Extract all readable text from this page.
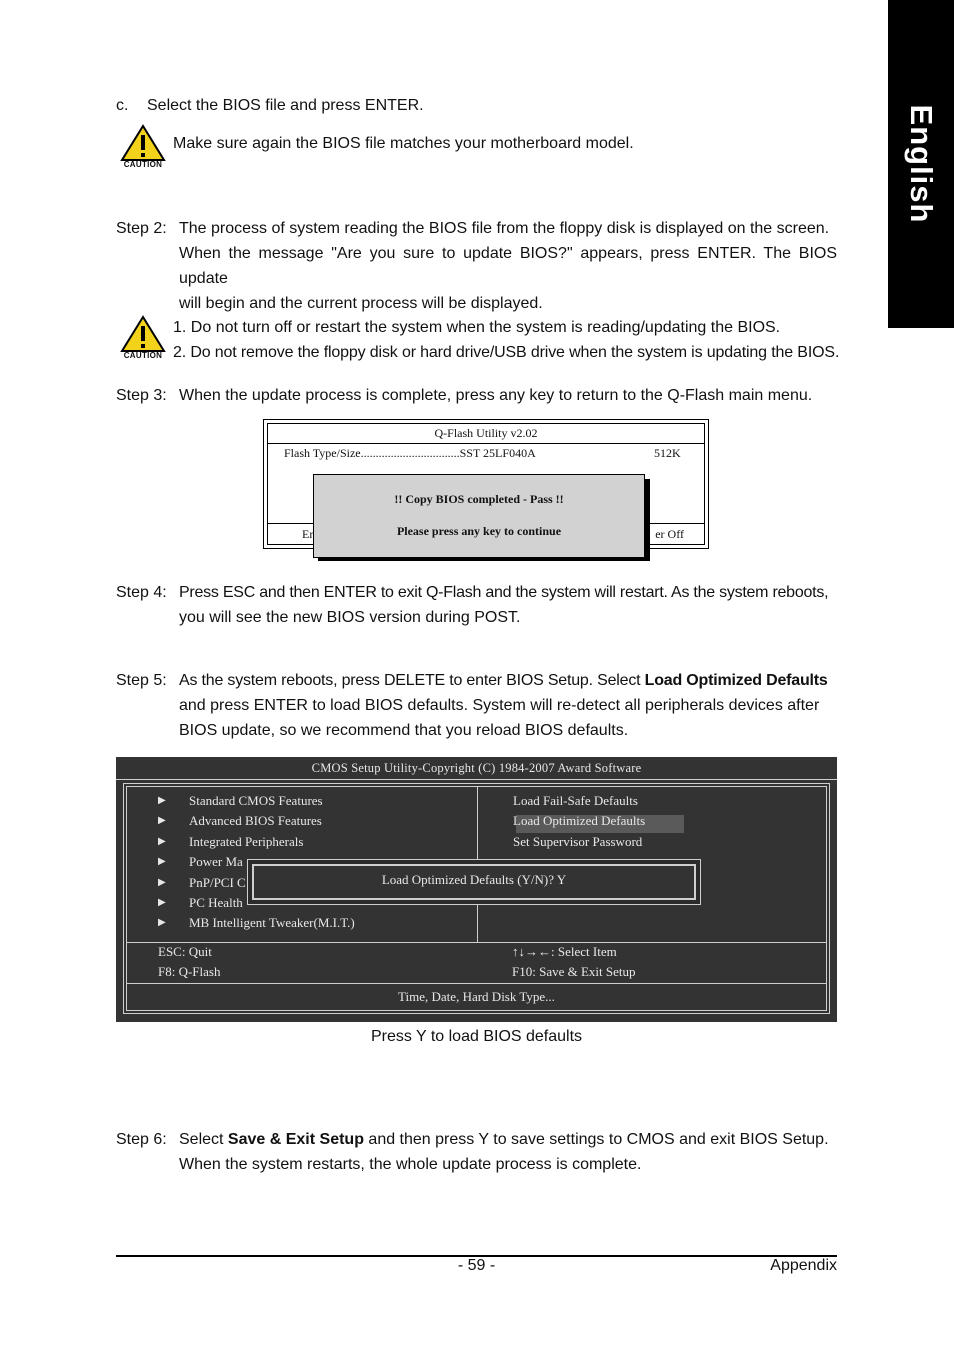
English
c. Select the BIOS file and press ENTER.
CAUTION
Make sure again the BIOS file matches your motherboard model.
Step 2: The process of system reading the BIOS file from the floppy disk is displayed on the screen.
When the message "Are you sure to update BIOS?" appears, press ENTER. The BIOS update
will begin and the current process will be displayed.
CAUTION
1. Do not turn off or restart the system when the system is reading/updating the BIOS.
2. Do not remove the floppy disk or hard drive/USB drive when the system is updating the BIOS.
Step 3: When the update process is complete, press any key to return to the Q-Flash main menu.
Q-Flash Utility v2.02
Flash Type/Size.................................SST 25LF040A	512K
Er	er Off
!! Copy BIOS completed - Pass !!
Please press any key to continue
Step 4: Press ESC and then ENTER to exit Q-Flash and the system will restart. As the system reboots,
you will see the new BIOS version during POST.
Step 5: As the system reboots, press DELETE to enter BIOS Setup. Select Load Optimized Defaults
and press ENTER to load BIOS defaults. System will re-detect all peripherals devices after
BIOS update, so we recommend that you reload BIOS defaults.
CMOS Setup Utility-Copyright (C) 1984-2007 Award Software
▶ Standard CMOS Features
▶ Advanced BIOS Features
▶ Integrated Peripherals
▶ Power Ma
▶ PnP/PCI C
▶ PC Health
▶ MB Intelligent Tweaker(M.I.T.)
Load Fail-Safe Defaults
Load Optimized Defaults
Set Supervisor Password
Load Optimized Defaults (Y/N)? Y
ESC: Quit
F8: Q-Flash
↑↓→←: Select Item
F10: Save & Exit Setup
Time, Date, Hard Disk Type...
Press Y to load BIOS defaults
Step 6: Select Save & Exit Setup and then press Y to save settings to CMOS and exit BIOS Setup.
When the system restarts, the whole update process is complete.
- 59 -	Appendix
